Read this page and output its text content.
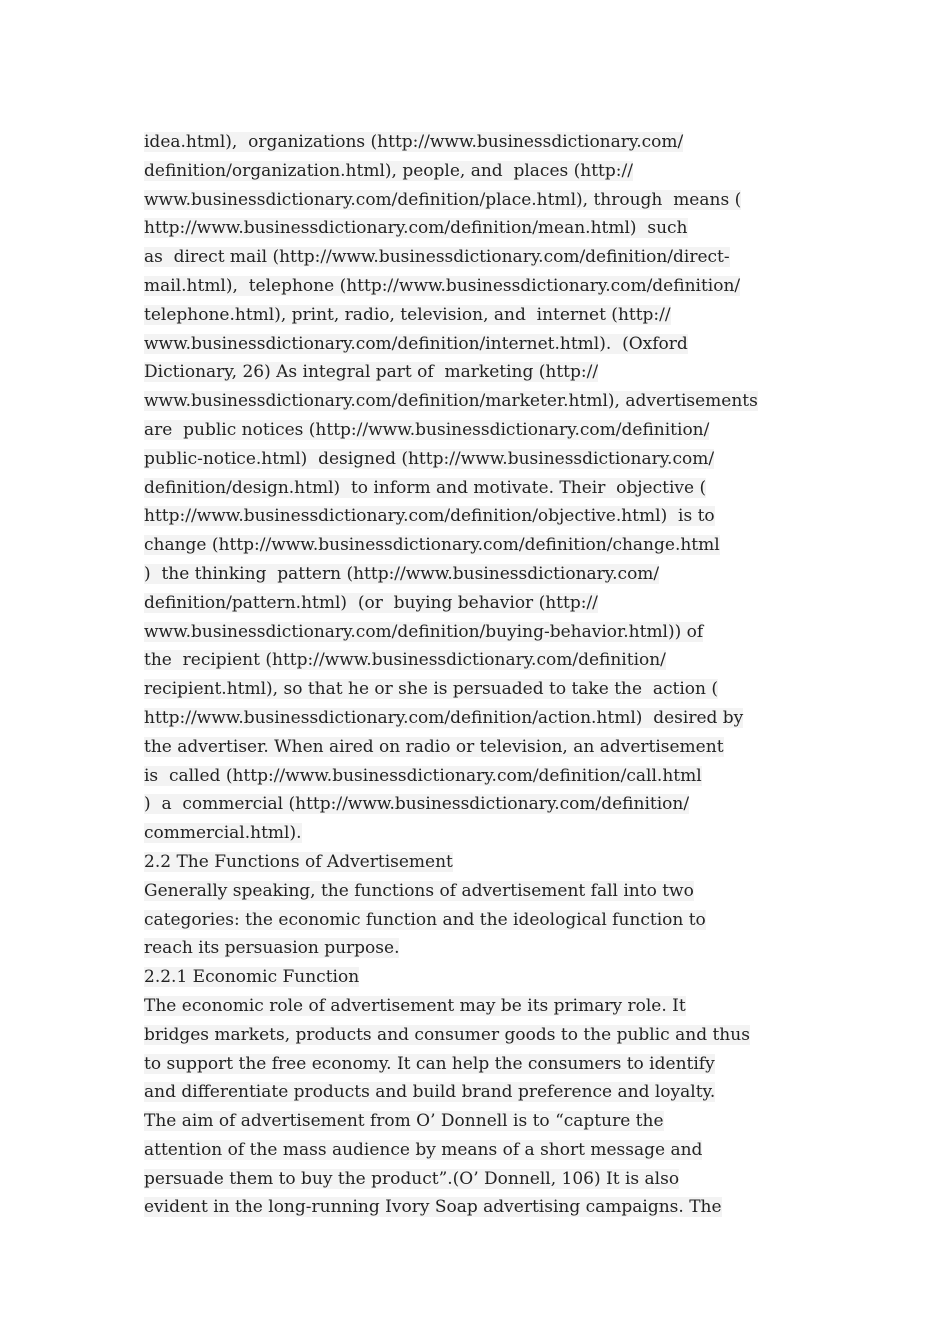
idea.html),  organizations (http://www.businessdictionary.com/
definition/organization.html), people, and  places (http://
www.businessdictionary.com/definition/place.html), through  means (
http://www.businessdictionary.com/definition/mean.html)  such
as  direct mail (http://www.businessdictionary.com/definition/direct-
mail.html),  telephone (http://www.businessdictionary.com/definition/
telephone.html), print, radio, television, and  internet (http://
www.businessdictionary.com/definition/internet.html).  (Oxford
Dictionary, 26) As integral part of  marketing (http://
www.businessdictionary.com/definition/marketer.html), advertisements
are  public notices (http://www.businessdictionary.com/definition/
public-notice.html)  designed (http://www.businessdictionary.com/
definition/design.html)  to inform and motivate. Their  objective (
http://www.businessdictionary.com/definition/objective.html)  is to
change (http://www.businessdictionary.com/definition/change.html
)  the thinking  pattern (http://www.businessdictionary.com/
definition/pattern.html)  (or  buying behavior (http://
www.businessdictionary.com/definition/buying-behavior.html)) of
the  recipient (http://www.businessdictionary.com/definition/
recipient.html), so that he or she is persuaded to take the  action (
http://www.businessdictionary.com/definition/action.html)  desired by
the advertiser. When aired on radio or television, an advertisement
is  called (http://www.businessdictionary.com/definition/call.html
)  a  commercial (http://www.businessdictionary.com/definition/
commercial.html).
2.2 The Functions of Advertisement
Generally speaking, the functions of advertisement fall into two
categories: the economic function and the ideological function to
reach its persuasion purpose.
2.2.1 Economic Function
The economic role of advertisement may be its primary role. It
bridges markets, products and consumer goods to the public and thus
to support the free economy. It can help the consumers to identify
and differentiate products and build brand preference and loyalty.
The aim of advertisement from O’ Donnell is to “capture the
attention of the mass audience by means of a short message and
persuade them to buy the product”.(O’ Donnell, 106) It is also
evident in the long-running Ivory Soap advertising campaigns. The
